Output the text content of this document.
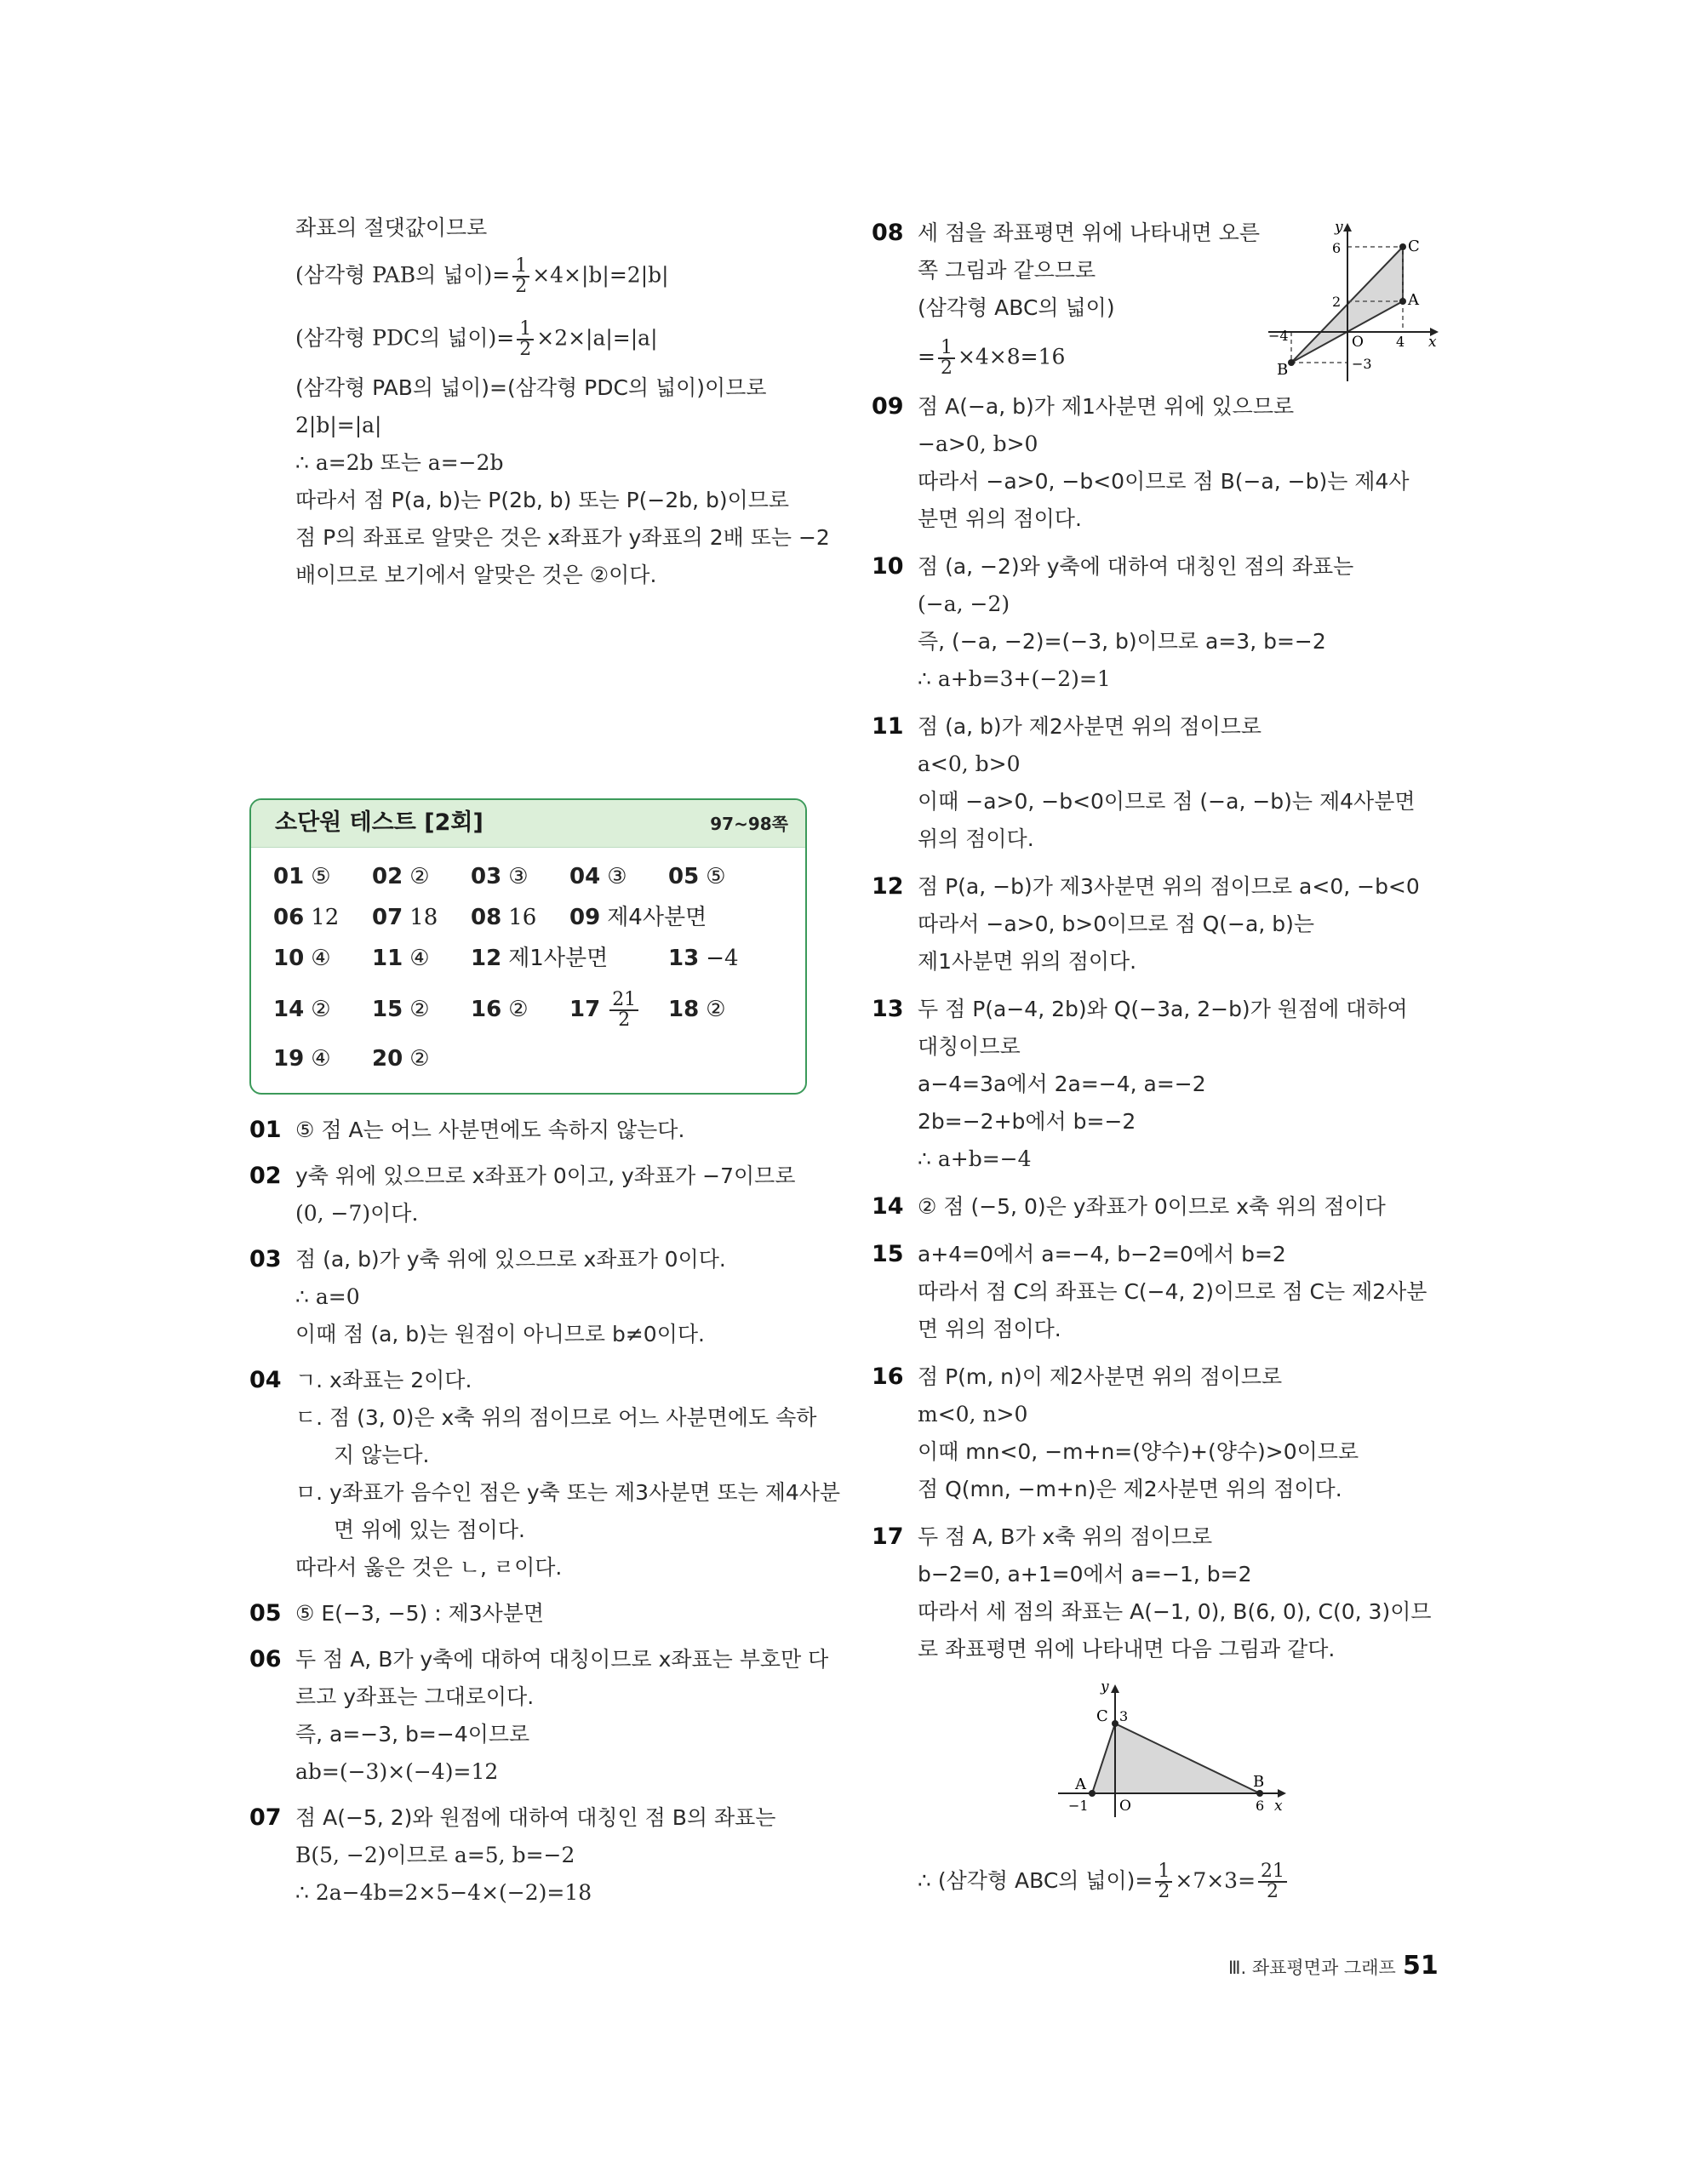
좌표의 절댓값이므로
(삼각형 PAB의 넓이)= $\frac{1}{2} \times 4\times|b|=2|b|$
(삼각형 PDC의 넓이)= $\frac{1}{2} \times 2\times|a|=|a|$
(삼각형 PAB의 넓이)=(삼각형 PDC의 넓이)이므로
2|b|=|a|
∴ a=2b 또는 a=−2b
따라서 점 P(a, b)는 P(2b, b) 또는 P(−2b, b)이므로
점 P의 좌표로 알맞은 것은 x좌표가 y좌표의 2배 또는 −2
배이므로 보기에서 알맞은 것은 ②이다.
소단원 테스트 [2회]	97~98쪽
01 ⑤ 02 ② 03 ③ 04 ③ 05 ⑤
06 12 07 18 08 16 09 제4사분면
10 ④ 11 ④ 12 제1사분면	13 −4
14 ② 15 ② 16 ② $17 \frac{21}{2} 18$ ②
19 ④ 20 ②
01 ⑤ 점 A는 어느 사분면에도 속하지 않는다.
02 y축 위에 있으므로 x좌표가 0이고, y좌표가 −7이므로
(0, −7)이다.
03 점 (a, b)가 y축 위에 있으므로 x좌표가 0이다.
∴ a=0
이때 점 (a, b)는 원점이 아니므로 b≠0이다.
04 ㄱ. x좌표는 2이다.
ㄷ. 점 (3, 0)은 x축 위의 점이므로 어느 사분면에도 속하
지 않는다.
ㅁ. y좌표가 음수인 점은 y축 또는 제3사분면 또는 제4사분
면 위에 있는 점이다.
따라서 옳은 것은 ㄴ, ㄹ이다.
05 ⑤ E(−3, −5) : 제3사분면
06 두 점 A, B가 y축에 대하여 대칭이므로 x좌표는 부호만 다
르고 y좌표는 그대로이다.
즉, a=−3, b=−4이므로
ab=(−3)×(−4)=12
07 점 A(−5, 2)와 원점에 대하여 대칭인 점 B의 좌표는
B(5, −2)이므로 a=5, b=−2
∴ 2a−4b=2×5−4×(−2)=18
08 세 점을 좌표평면 위에 나타내면 오른
쪽 그림과 같으므로
(삼각형 ABC의 넓이)
= $\frac{1}{2} \times 4\times 8=16$
y
x
O
6
2
−4	4
−3
C
A
B
09 점 A(−a, b)가 제1사분면 위에 있으므로
−a>0, b>0
따라서 −a>0, −b<0이므로 점 B(−a, −b)는 제4사
분면 위의 점이다.
10 점 (a, −2)와 y축에 대하여 대칭인 점의 좌표는
(−a, −2)
즉, (−a, −2)=(−3, b)이므로 a=3, b=−2
∴ a+b=3+(−2)=1
11 점 (a, b)가 제2사분면 위의 점이므로
a<0, b>0
이때 −a>0, −b<0이므로 점 (−a, −b)는 제4사분면
위의 점이다.
12 점 P(a, −b)가 제3사분면 위의 점이므로 a<0, −b<0
따라서 −a>0, b>0이므로 점 Q(−a, b)는
제1사분면 위의 점이다.
13 두 점 P(a−4, 2b)와 Q(−3a, 2−b)가 원점에 대하여
대칭이므로
a−4=3a에서 2a=−4, a=−2
2b=−2+b에서 b=−2
∴ a+b=−4
14 ② 점 (−5, 0)은 y좌표가 0이므로 x축 위의 점이다
15 a+4=0에서 a=−4, b−2=0에서 b=2
따라서 점 C의 좌표는 C(−4, 2)이므로 점 C는 제2사분
면 위의 점이다.
16 점 P(m, n)이 제2사분면 위의 점이므로
m<0, n>0
이때 mn<0, −m+n=(양수)+(양수)>0이므로
점 Q(mn, −m+n)은 제2사분면 위의 점이다.
17 두 점 A, B가 x축 위의 점이므로
b−2=0, a+1=0에서 a=−1, b=2
따라서 세 점의 좌표는 A(−1, 0), B(6, 0), C(0, 3)이므
로 좌표평면 위에 나타내면 다음 그림과 같다.
y
x
O
3
−1	6
C
A	B
∴ (삼각형 ABC의 넓이)= $\frac{1}{2} \times 7\times 3= \frac{21}{2}$
Ⅲ. 좌표평면과 그래프 51
